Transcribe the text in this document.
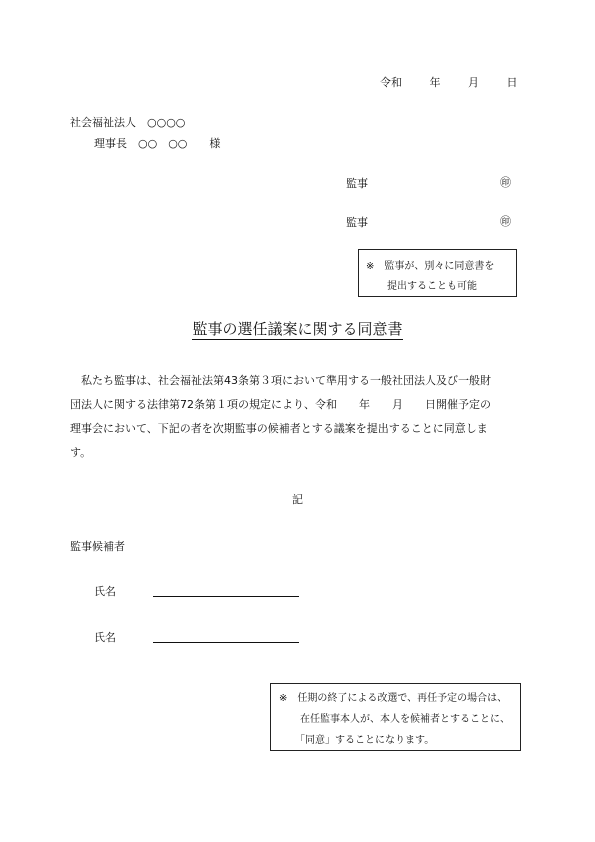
令和	年	月	日
社会福祉法人　○○○○
理事長　○○　○○　　様
監事	㊞
監事	㊞
※　監事が、別々に同意書を
提出することも可能
監事の選任議案に関する同意書
　私たち監事は、社会福祉法第43条第３項において準用する一般社団法人及び一般財
団法人に関する法律第72条第１項の規定により、令和　　年　　月　　日開催予定の
理事会において、下記の者を次期監事の候補者とする議案を提出することに同意しま
す。
記
監事候補者
氏名
氏名
※　任期の終了による改選で、再任予定の場合は、
在任監事本人が、本人を候補者とすることに、
「同意」することになります。
